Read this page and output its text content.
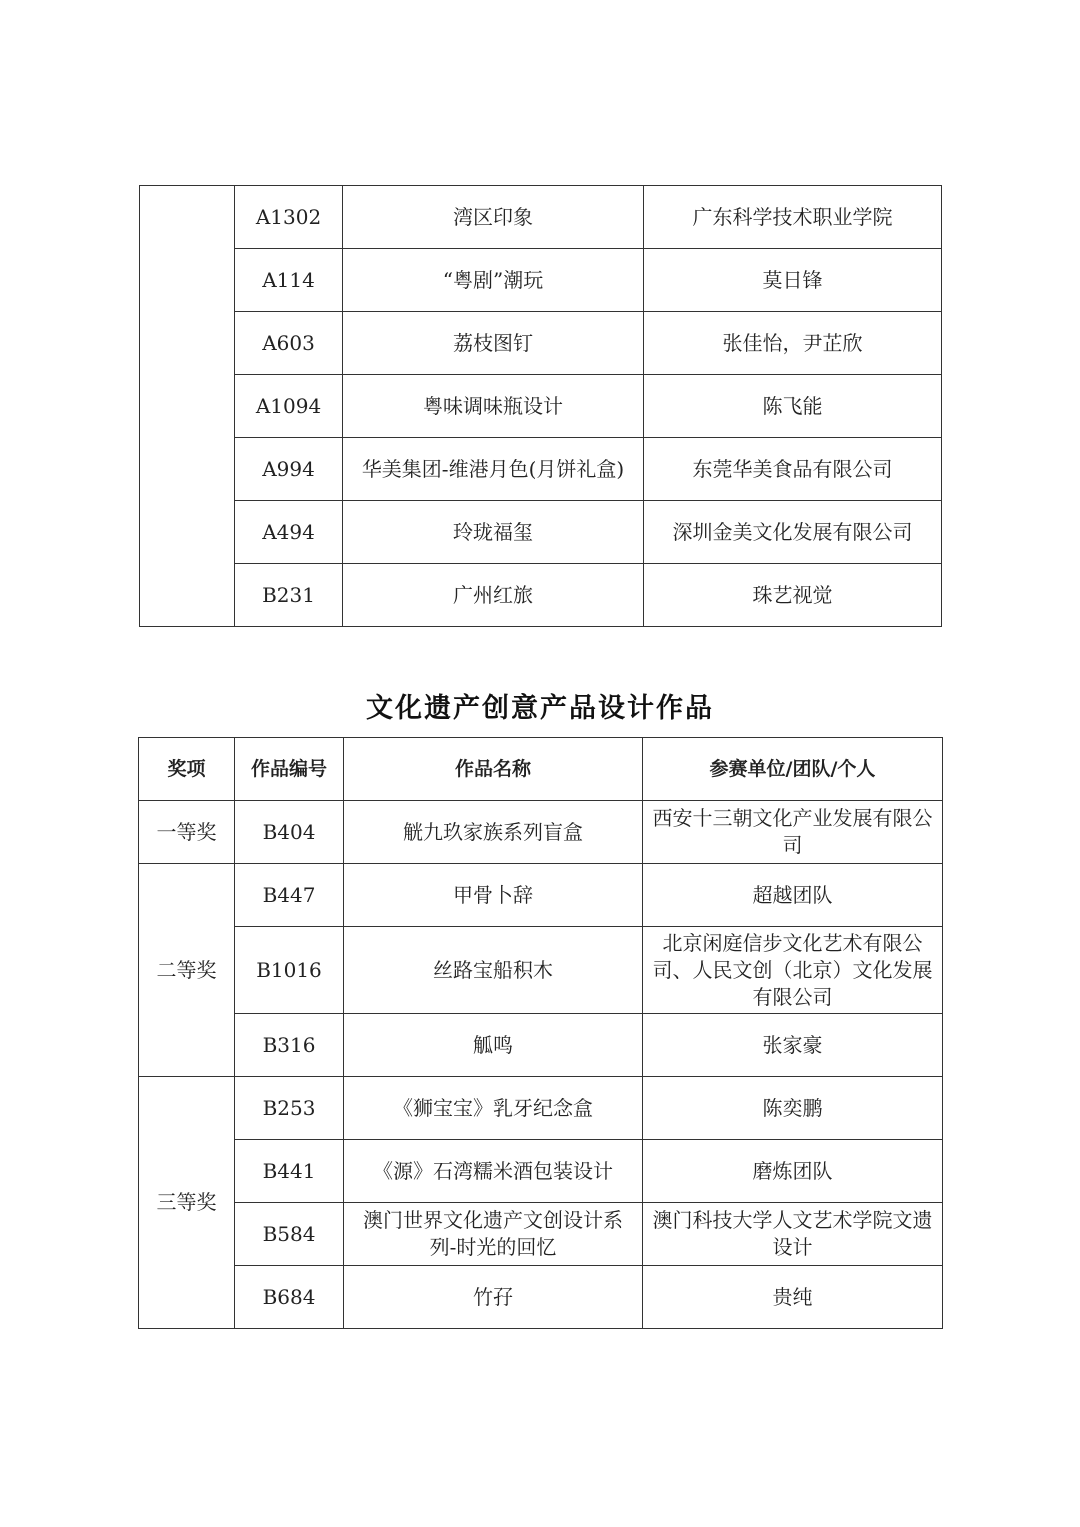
	A1302	湾区印象	广东科学技术职业学院
	A114	“粤剧”潮玩	莫日锋
	A603	荔枝图钉	张佳怡，尹芷欣
	A1094	粤味调味瓶设计	陈飞能
	A994	华美集团-维港月色(月饼礼盒)	东莞华美食品有限公司
	A494	玲珑福玺	深圳金美文化发展有限公司
	B231	广州红旅	珠艺视觉
文化遗产创意产品设计作品
奖项	作品编号	作品名称	参赛单位/团队/个人
一等奖	B404	觥九玖家族系列盲盒	西安十三朝文化产业发展有限公司
二等奖	B447	甲骨卜辞	超越团队
	B1016	丝路宝船积木	北京闲庭信步文化艺术有限公司、人民文创（北京）文化发展有限公司
	B316	觚鸣	张家豪
三等奖	B253	《狮宝宝》乳牙纪念盒	陈奕鹏
	B441	《源》石湾糯米酒包装设计	磨炼团队
	B584	澳门世界文化遗产文创设计系列-时光的回忆	澳门科技大学人文艺术学院文遗设计
	B684	竹孖	贵纯
